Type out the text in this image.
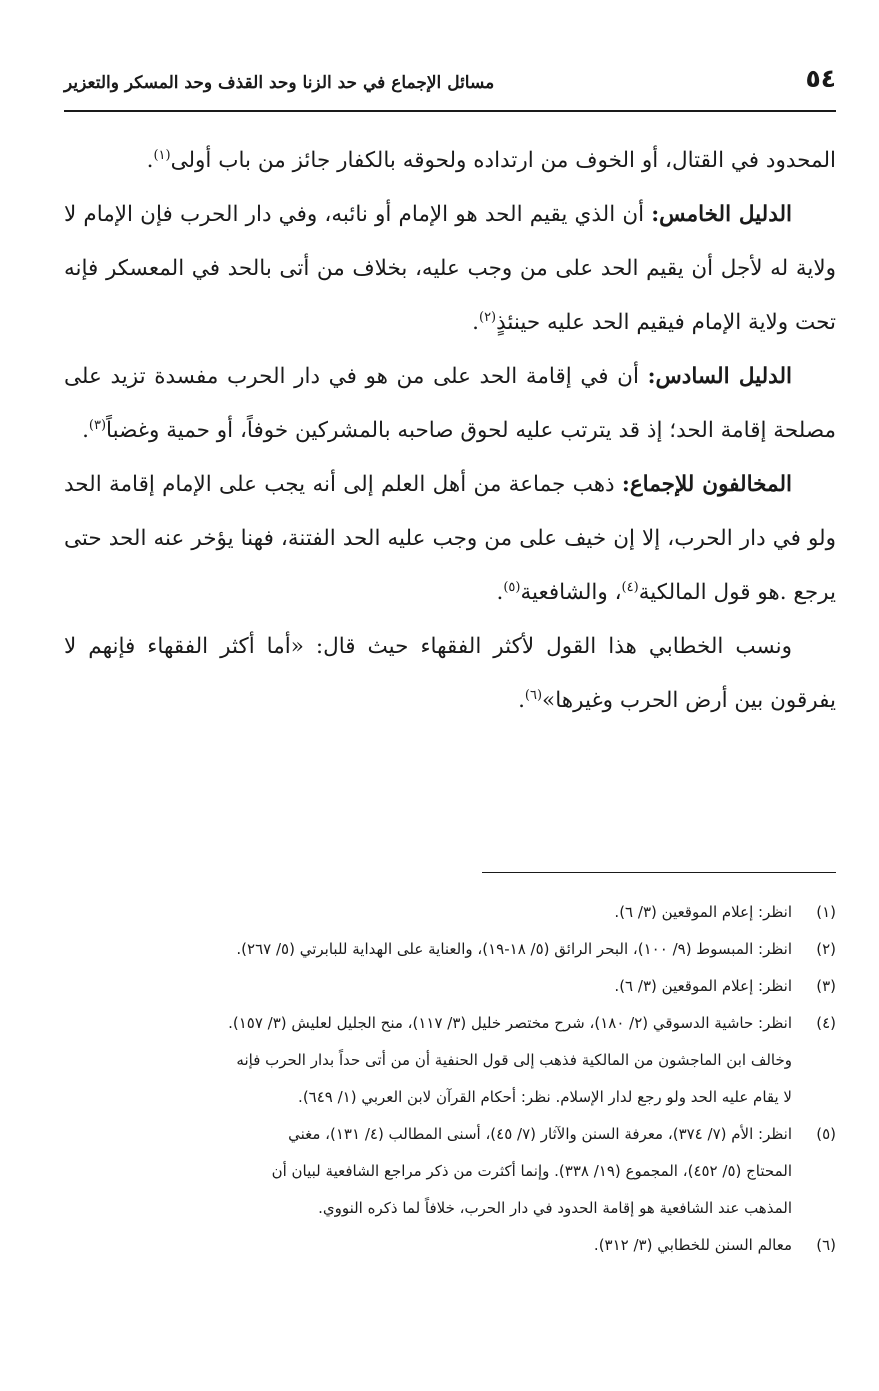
٥٤
مسائل الإجماع في حد الزنا وحد القذف وحد المسكر والتعزير

المحدود في القتال، أو الخوف من ارتداده ولحوقه بالكفار جائز من باب أولى$^{(١)}$.

الدليل الخامس: أن الذي يقيم الحد هو الإمام أو نائبه، وفي دار الحرب فإن الإمام لا ولاية له لأجل أن يقيم الحد على من وجب عليه، بخلاف من أتى بالحد في المعسكر فإنه تحت ولاية الإمام فيقيم الحد عليه حينئذٍ$^{(٢)}$.

الدليل السادس: أن في إقامة الحد على من هو في دار الحرب مفسدة تزيد على مصلحة إقامة الحد؛ إذ قد يترتب عليه لحوق صاحبه بالمشركين خوفاً، أو حمية وغضباً$^{(٣)}$.

المخالفون للإجماع: ذهب جماعة من أهل العلم إلى أنه يجب على الإمام إقامة الحد ولو في دار الحرب، إلا إن خيف على من وجب عليه الحد الفتنة، فهنا يؤخر عنه الحد حتى يرجع .هو قول المالكية$^{(٤)}$، والشافعية$^{(٥)}$.

ونسب الخطابي هذا القول لأكثر الفقهاء حيث قال: «أما أكثر الفقهاء فإنهم لا يفرقون بين أرض الحرب وغيرها»$^{(٦)}$.

(١)
انظر: إعلام الموقعين (٣/ ٦).
(٢)
انظر: المبسوط (٩/ ١٠٠)، البحر الرائق (٥/ ١٨-١٩)، والعناية على الهداية للبابرتي (٥/ ٢٦٧).
(٣)
انظر: إعلام الموقعين (٣/ ٦).
(٤)
انظر: حاشية الدسوقي (٢/ ١٨٠)، شرح مختصر خليل (٣/ ١١٧)، منح الجليل لعليش (٣/ ١٥٧).
وخالف ابن الماجشون من المالكية فذهب إلى قول الحنفية أن من أتى حداً بدار الحرب فإنه
لا يقام عليه الحد ولو رجع لدار الإسلام. نظر: أحكام القرآن لابن العربي (١/ ٦٤٩).
(٥)
انظر: الأم (٧/ ٣٧٤)، معرفة السنن والآثار (٧/ ٤٥)، أسنى المطالب (٤/ ١٣١)، مغني
المحتاج (٥/ ٤٥٢)، المجموع (١٩/ ٣٣٨). وإنما أكثرت من ذكر مراجع الشافعية لبيان أن
المذهب عند الشافعية هو إقامة الحدود في دار الحرب، خلافاً لما ذكره النووي.
(٦)
معالم السنن للخطابي (٣/ ٣١٢).
